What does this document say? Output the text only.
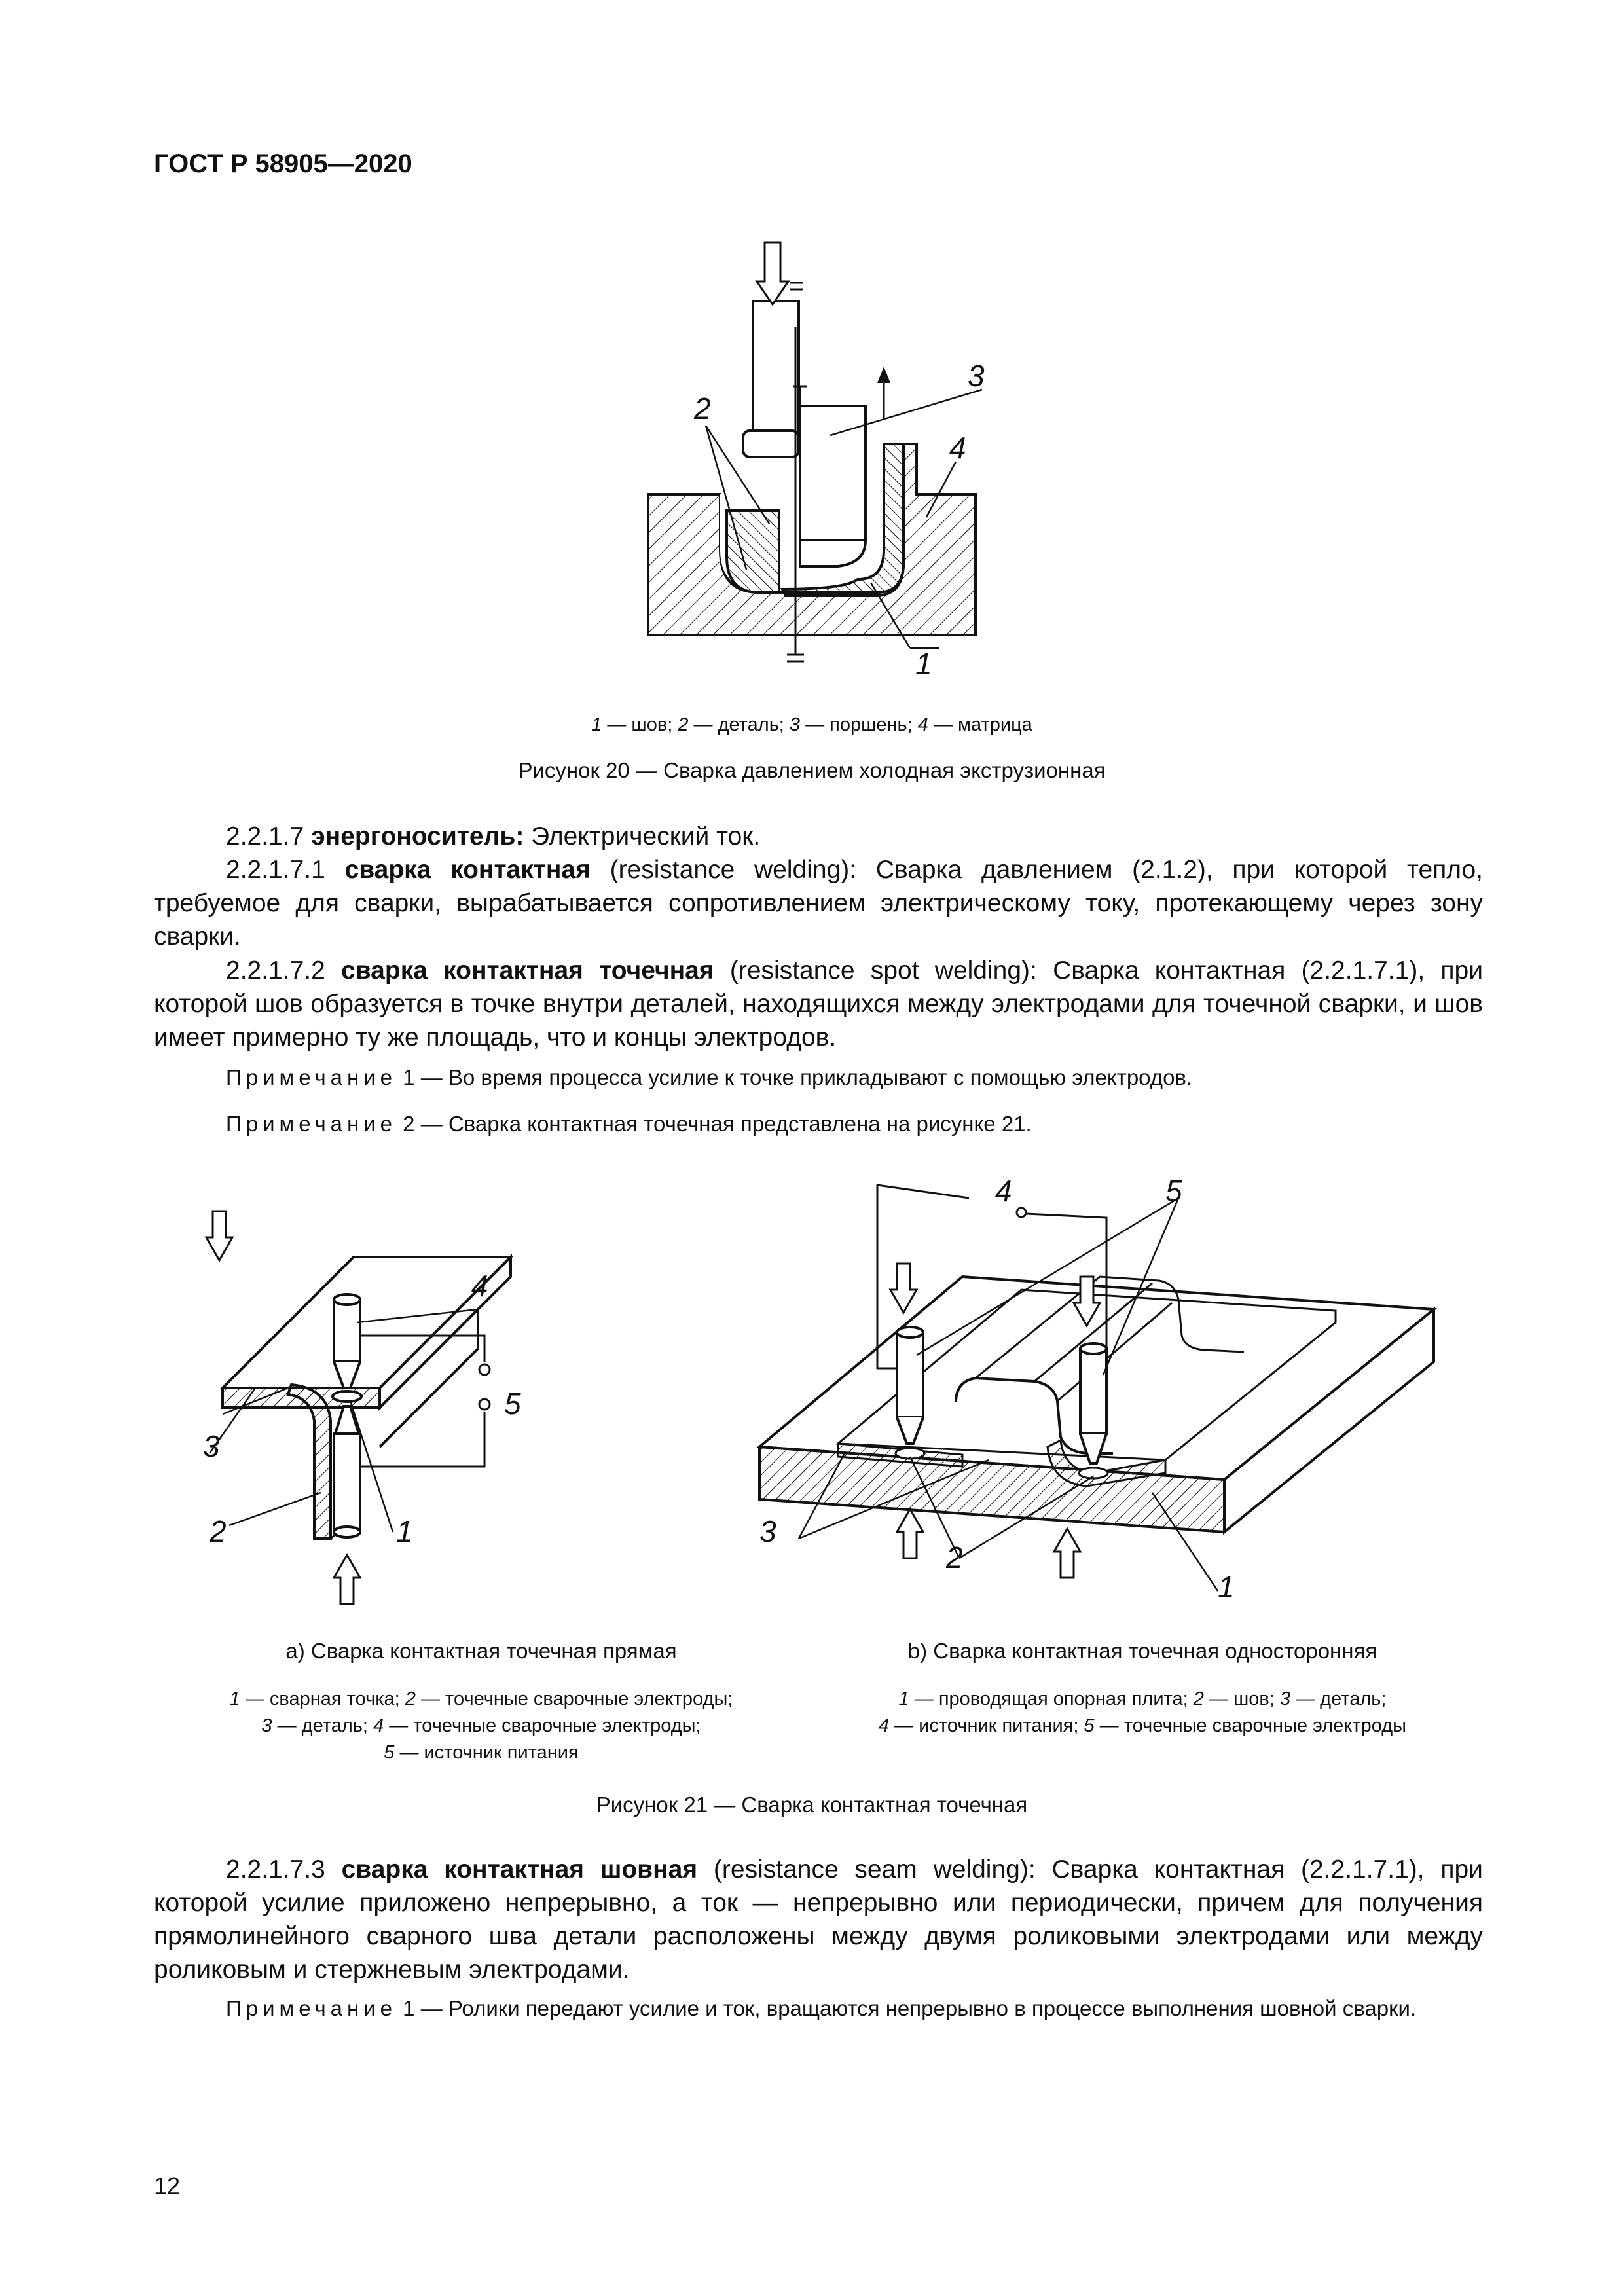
ГОСТ Р 58905—2020
2
3
4
1
1 — шов; 2 — деталь; 3 — поршень; 4 — матрица
Рисунок 20 — Сварка давлением холодная экструзионная
2.2.1.7 энергоноситель: Электрический ток.
2.2.1.7.1 сварка контактная (resistance welding): Сварка давлением (2.1.2), при которой тепло, требуемое для сварки, вырабатывается сопротивлением электрическому току, протекающему через зону сварки.
2.2.1.7.2 сварка контактная точечная (resistance spot welding): Сварка контактная (2.2.1.7.1), при которой шов образуется в точке внутри деталей, находящихся между электродами для точечной сварки, и шов имеет примерно ту же площадь, что и концы электродов.
Примечание 1 — Во время процесса усилие к точке прикладывают с помощью электродов.
Примечание 2 — Сварка контактная точечная представлена на рисунке 21.
4
5
3
2	1
4	5
3
2
1
а) Сварка контактная точечная прямая	b) Сварка контактная точечная односторонняя
1 — сварная точка; 2 — точечные сварочные электроды;
3 — деталь; 4 — точечные сварочные электроды;
5 — источник питания
1 — проводящая опорная плита; 2 — шов; 3 — деталь;
4 — источник питания; 5 — точечные сварочные электроды
Рисунок 21 — Сварка контактная точечная
2.2.1.7.3 сварка контактная шовная (resistance seam welding): Сварка контактная (2.2.1.7.1), при которой усилие приложено непрерывно, а ток — непрерывно или периодически, причем для получения прямолинейного сварного шва детали расположены между двумя роликовыми электродами или между роликовым и стержневым электродами.
Примечание 1 — Ролики передают усилие и ток, вращаются непрерывно в процессе выполнения шовной сварки.
12
